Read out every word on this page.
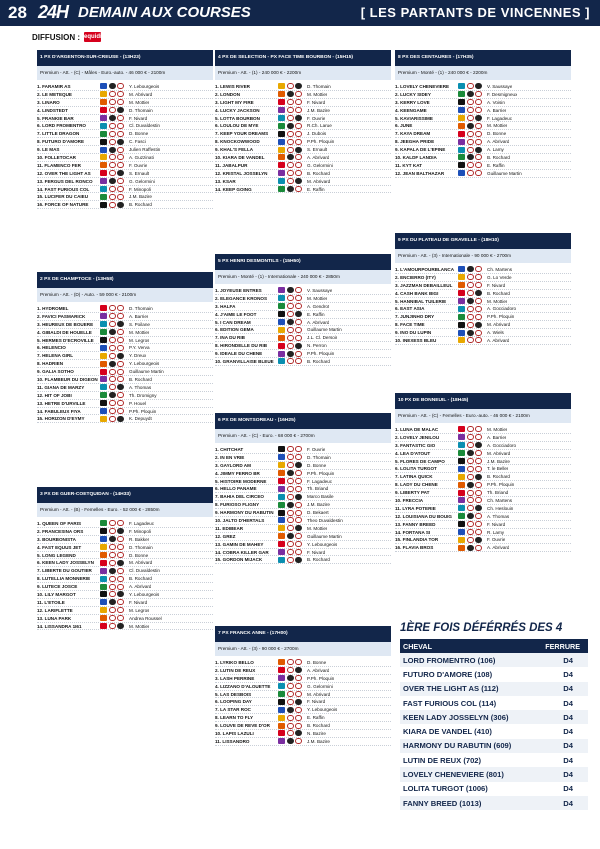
28 24H DEMAIN AUX COURSES	[ LES PARTANTS DE VINCENNES ]
DIFFUSION : equidia
1 PX D'ARGENTON-SUR-CREUSE - (13H23)
Premium - Att. - (C) - Mâles - Euro.-auto. - 46 000 € - 2100m
1. FARAMIR AS	Y. Lebourgeois
2. LE METEQUE	M. Abrivard
3. LINARO	M. Mottier
4. LINDSTEDT	D. Thomain
5. FRANKIE BAR	F. Nivard
6. LORD FROMENTRO	Cl. Duvaldestin
7. LITTLE DRAGON	D. Bonne
8. FUTURO D'AMORE	C. Fasci
9. LE MAS	Julien Raffestin
10. FOLLETOCAR	A. Guzzinati
11. FLAMENCO FER	F. Ouvrie
12. OVER THE LIGHT AS	S. Ernault
13. FERGUS DEL RONCO	G. Gelormini
14. FAST FURIOUS COL	F. Minopoli
15. LUCIFER DU CAIEU	J.M. Bazire
16. FORCE OF NATURE	B. Rochard
2 PX DE CHAMPTOCE - (13H58)
Premium - Att. - (D) - Auto. - 59 000 € - 2100m
1. HYDROMEL	D. Thomain
2. FAVICI PASMARICK	A. Barrier
3. HEUREUX DE BOUERE	S. Poilane
4. GIBALDI DE HOUELLE	M. Mottier
5. HERMES D'ECROVILLE	M. Legros
6. HELENCIO	P.Y. Verva
7. HELENA GIRL	Y. Dreux
8. HADRIEN	Y. Lebourgeois
9. GALIA SOTHO	Guillaume Martin
10. FLAMBEUR DU DIGEON	B. Rochard
11. GIANA DE MARZY	A. Thomas
12. HIT OF JOBI	Th. Dromigny
13. HETRE D'URVILLE	P. Houel
14. FABULEUX FIYA	P.Ph. Ploquin
15. HORIZON D'EYMY	K. Depuydt
3 PX DE GUER-COETQUIDAN - (14H33)
Premium - Att. - (B) - Femelles - Euro. - 52 000 € - 2850m
1. QUEEN OF PARIS	F. Lagadeuc
2. FRANCESINA ORS	F. Minopoli
3. BOURBONISTA	R. Bakker
4. FAST EQUUS JET	D. Thomain
5. LONG LEGEND	D. Bonne
6. KEEN LADY JOSSELYN	M. Abrivard
7. LIBERTE DU GOUTIER	Cl. Duvaldestin
8. LUTELLIA MONNERIE	B. Rochard
9. LUTECE JOSCE	A. Abrivard
10. LILY MARGOT	Y. Lebourgeois
11. L'ETOILE	F. Nivard
12. LARIFLETTE	M. Legros
13. LUNA PARK	Andrea Roussel
14. LISSANDRA 1I61	M. Mottier
4 PX DE SELECTION - PX FACE TIME BOURBON - (15H15)
Premium - Att. - (1) - 240 000 € - 2200m
1. LEWIS RIVER	D. Thomain
2. LONDON	M. Mottier
3. LIGHT MY FIRE	F. Nivard
4. LUCKY JACKSON	J.M. Bazire
5. LOTTA BOURBON	F. Ouvrie
6. LOULOU DE MYE	R.Ch. Larue
7. KEEP YOUR DREAMS	J. Dubois
8. KNOCKOWWOOD	P.Ph. Ploquin
9. KHAL'S FELLA	S. Ernault
10. KIARA DE VANDEL	A. Abrivard
11. JABALPUR	G. Gelormini
12. KRISTAL JOSSELYN	B. Rochard
13. KSAR	M. Abrivard
14. KEEP GOING	E. Raffin
5 PX HENRI DESMONTILS - (15H50)
Premium - Monté - (1) - Internationale - 240 000 € - 2850m
1. JOYEUSE ENTRES	V. Saussaye
2. ELEGANCE KRONOS	M. Mottier
3. HALFA	A. Gendrot
4. J'AIME LE FOOT	E. Raffin
5. I CAN DREAM	A. Abrivard
6. EDITION GEMA	Guillaume Martin
7. INA DU RIB	J.L. Cl. Dersoir
8. HIRONDELLE DU RIB	N. Perron
9. IDEALE DU CHENE	P.Ph. Ploquin
10. GRANVILLAISE BLEUE	B. Rochard
6 PX DE MONTSOREAU - (16H25)
Premium - Att. - (C) - Euro. - 68 000 € - 2700m
1. CHITCHAT	F. Ouvrie
2. IN EN VRIE	D. Thomain
3. GAYLORD AM	D. Bonne
4. JIMMY FERRO BR	P.Ph. Ploquin
5. HISTOIRE MODERNE	F. Lagadeuc
6. HELLO PANAME	Th. Briand
7. BAHIA DEL CIRCEO	Marco Basile
8. FURIOSO FLIGNY	J.M. Bazire
9. HARMONY DU RABUTIN	D. Bekaert
10. JALTO D'HERTALS	Theo Duvaldestin
11. EDIBEAR	M. Mottier
12. GREZ	Guillaume Martin
13. GAMIN DE MAHEY	Y. Lebourgeois
14. COBRA KILLER GAR	F. Nivard
15. GORDON MIJACK	B. Rochard
7 PX FRANCK ANNE - (17H00)
Premium - Att. - (3) - 90 000 € - 2700m
1. LYRIKO BELLO	D. Bonne
2. LUTIN DE REUX	A. Abrivard
3. LASH PERRINE	P.Ph. Ploquin
4. LIZZANO D'ALOUETTE	G. Gelormini
5. LAS DESBOIS	M. Abrivard
6. LOOPING DAY	F. Nivard
7. LA STAR ROC	Y. Lebourgeois
8. LEARN TO FLY	E. Raffin
9. LOUVE DE REVE D'OR	B. Rochard
10. LAPIS LAZULI	N. Bazire
11. LISSANDRO	J.M. Bazire
8 PX DES CENTAURES - (17H35)
Premium - Monté - (1) - 240 000 € - 2200m
1. LOVELY CHENEVIERE	V. Saussaye
2. LUCKY SIDEY	F. Desmigneux
3. KERRY LOVE	A. Voisin
4. KEENGAME	A. Barrier
5. KAVIARISSIME	F. Lagadeuc
6. JUNE	M. Mottier
7. KAYA DREAM	D. Bonne
8. JEEGHA PRIDE	A. Abrivard
9. KAPALA DE L'EPINE	A. Lamy
10. KALDF LANDIA	B. Rochard
11. KYT KAT	E. Raffin
12. JEAN BALTHAZAR	Guillaume Martin
9 PX DU PLATEAU DE GRAVELLE - (18H10)
Premium - Att. - (3) - Internationale - 90 000 € - 2700m
1. L'AMOURPOURBLANCA	Ch. Martens
2. ENCIERRO (ITY)	G. Lo Verde
3. JAZZMAN DEBAILLEUL	F. Nivard
4. CASH BANK BIGI	B. Rochard
5. HANNIBAL TUILERIE	M. Mottier
6. EAST ASIA	A. Gocciadoro
7. JUNJINHO DRY	P.Ph. Ploquin
8. FACE TIME	M. Abrivard
9. INO DU LUPIN	A. Wiels
10. INEXESS BLEU	A. Abrivard
10 PX DE BONNEUIL - (18H45)
Premium - Att. - (C) - Femelles - Euro.-auto. - 46 000 € - 2100m
1. LUNA DE MALAC	M. Mottier
2. LOVELY JENILOU	A. Barrier
3. FANTASTIC GIO	A. Gocciadoro
4. LEA D'ATOUT	M. Abrivard
5. FLORES DE CAMPO	J.M. Bazire
6. LOLITA TURGOT	T. le Beller
7. LATINA QUICK	B. Rochard
8. LADY DU CHENE	P.Ph. Ploquin
9. LIBERTY PAT	Th. Briand
10. FRECCIA	Ch. Martens
11. LYRA POTERIE	Ch. Heslouin
12. LOUISIANA DU BOUIG	A. Thomas
13. FANNY BREED	F. Nivard
14. FORTANA SI	R. Lamy
15. FINLANDIA TOR	F. Ouvrie
16. FLAVIA BROS	A. Abrivard
1ÈRE FOIS DÉFÉRRÉS DES 4
CHEVAL	FERRURE
LORD FROMENTRO (106)	D4
FUTURO D'AMORE (108)	D4
OVER THE LIGHT AS (112)	D4
FAST FURIOUS COL (114)	D4
KEEN LADY JOSSELYN (306)	D4
KIARA DE VANDEL (410)	D4
HARMONY DU RABUTIN (609)	D4
LUTIN DE REUX (702)	D4
LOVELY CHENEVIERE (801)	D4
LOLITA TURGOT (1006)	D4
FANNY BREED (1013)	D4
